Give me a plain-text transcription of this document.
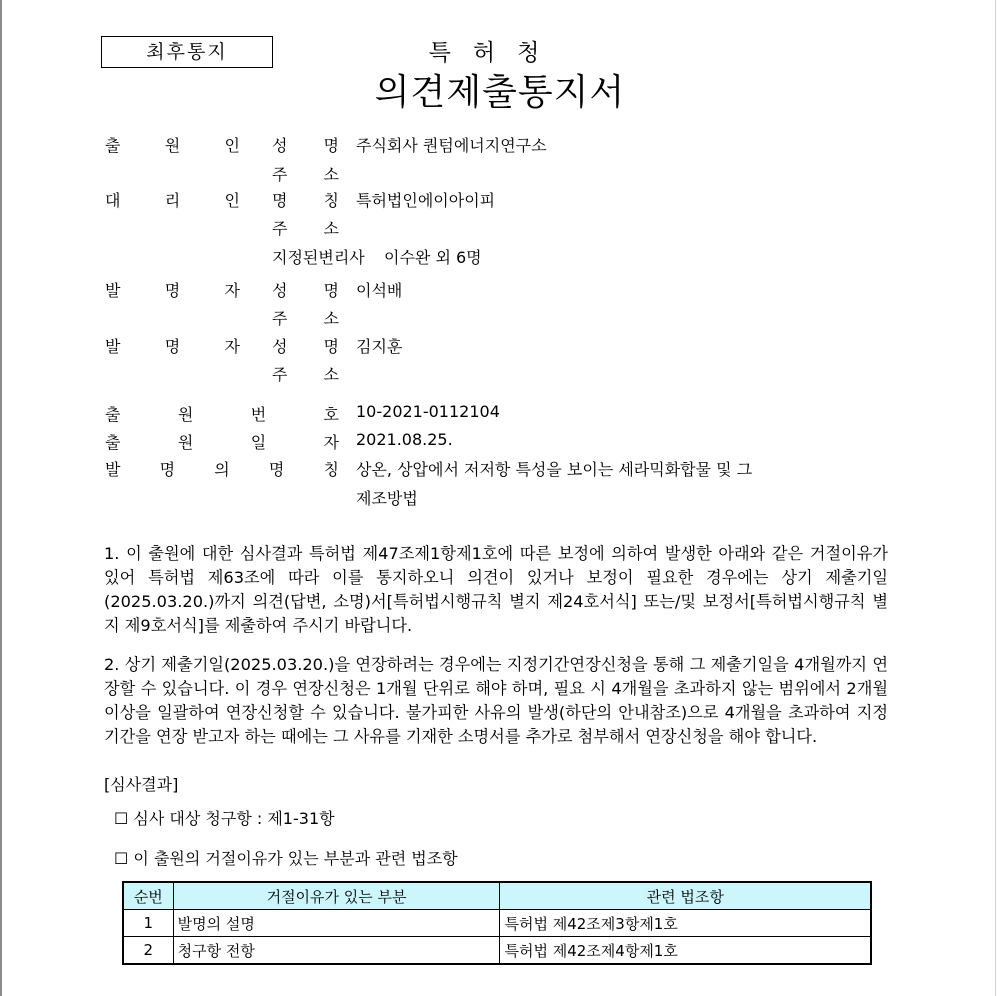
최후통지	특허청
의견제출통지서
출	원	인 성 명 주식회사 퀀텀에너지연구소
주 소
대	리	인 명 칭 특허법인에이아이피
주 소
지정된변리사 이수완 외 6명
발	명	자 성 명 이석배
주 소
발	명	자 성 명 김지훈
주 소
출	원	번	호 10-2021-0112104
출	원	일	자 2021.08.25.
발 명 의 명 칭 상온, 상압에서 저저항 특성을 보이는 세라믹화합물 및 그
제조방법
1. 이 출원에 대한 심사결과 특허법 제47조제1항제1호에 따른 보정에 의하여 발생한 아래와 같은 거절이유가 있어 특허법 제63조에 따라 이를 통지하오니 의견이 있거나 보정이 필요한 경우에는 상기 제출기일(2025.03.20.)까지 의견(답변, 소명)서[특허법시행규칙 별지 제24호서식] 또는/및 보정서[특허법시행규칙 별지 제9호서식]를 제출하여 주시기 바랍니다.
2. 상기 제출기일(2025.03.20.)을 연장하려는 경우에는 지정기간연장신청을 통해 그 제출기일을 4개월까지 연장할 수 있습니다. 이 경우 연장신청은 1개월 단위로 해야 하며, 필요 시 4개월을 초과하지 않는 범위에서 2개월 이상을 일괄하여 연장신청할 수 있습니다. 불가피한 사유의 발생(하단의 안내참조)으로 4개월을 초과하여 지정기간을 연장 받고자 하는 때에는 그 사유를 기재한 소명서를 추가로 첨부해서 연장신청을 해야 합니다.
[심사결과]
☐ 심사 대상 청구항 : 제1-31항
☐ 이 출원의 거절이유가 있는 부분과 관련 법조항
순번	거절이유가 있는 부분	관련 법조항
1	발명의 설명	특허법 제42조제3항제1호
2	청구항 전항	특허법 제42조제4항제1호
